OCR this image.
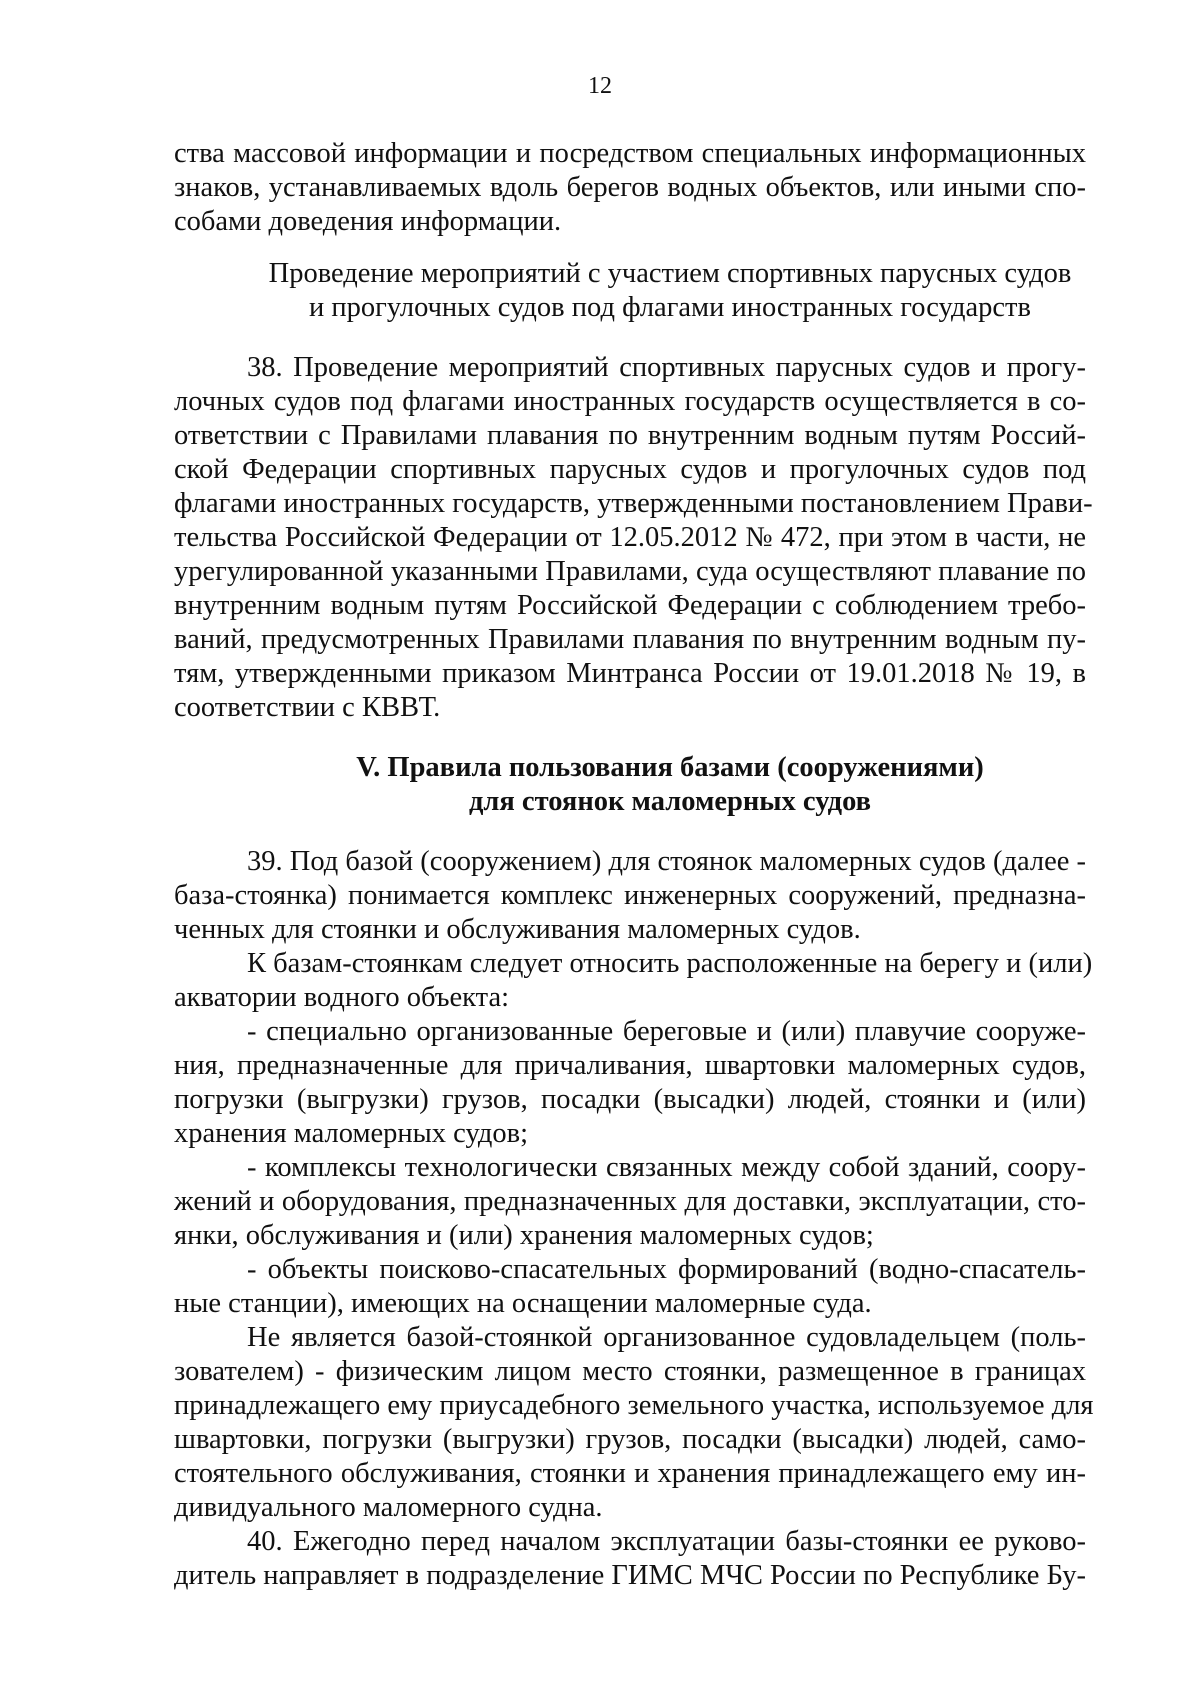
12
ства массовой информации и посредством специальных информационных
знаков, устанавливаемых вдоль берегов водных объектов, или иными спо-
собами доведения информации.
Проведение мероприятий с участием спортивных парусных судов
и прогулочных судов под флагами иностранных государств
38. Проведение мероприятий спортивных парусных судов и прогу-
лочных судов под флагами иностранных государств осуществляется в со-
ответствии с Правилами плавания по внутренним водным путям Россий-
ской Федерации спортивных парусных судов и прогулочных судов под
флагами иностранных государств, утвержденными постановлением Прави-
тельства Российской Федерации от 12.05.2012 № 472, при этом в части, не
урегулированной указанными Правилами, суда осуществляют плавание по
внутренним водным путям Российской Федерации с соблюдением требо-
ваний, предусмотренных Правилами плавания по внутренним водным пу-
тям, утвержденными приказом Минтранса России от 19.01.2018 № 19, в
соответствии с КВВТ.
V. Правила пользования базами (сооружениями)
для стоянок маломерных судов
39. Под базой (сооружением) для стоянок маломерных судов (далее -
база-стоянка) понимается комплекс инженерных сооружений, предназна-
ченных для стоянки и обслуживания маломерных судов.
К базам-стоянкам следует относить расположенные на берегу и (или)
акватории водного объекта:
- специально организованные береговые и (или) плавучие сооруже-
ния, предназначенные для причаливания, швартовки маломерных судов,
погрузки (выгрузки) грузов, посадки (высадки) людей, стоянки и (или)
хранения маломерных судов;
- комплексы технологически связанных между собой зданий, соору-
жений и оборудования, предназначенных для доставки, эксплуатации, сто-
янки, обслуживания и (или) хранения маломерных судов;
- объекты поисково-спасательных формирований (водно-спасатель-
ные станции), имеющих на оснащении маломерные суда.
Не является базой-стоянкой организованное судовладельцем (поль-
зователем) - физическим лицом место стоянки, размещенное в границах
принадлежащего ему приусадебного земельного участка, используемое для
швартовки, погрузки (выгрузки) грузов, посадки (высадки) людей, само-
стоятельного обслуживания, стоянки и хранения принадлежащего ему ин-
дивидуального маломерного судна.
40. Ежегодно перед началом эксплуатации базы-стоянки ее руково-
дитель направляет в подразделение ГИМС МЧС России по Республике Бу-
